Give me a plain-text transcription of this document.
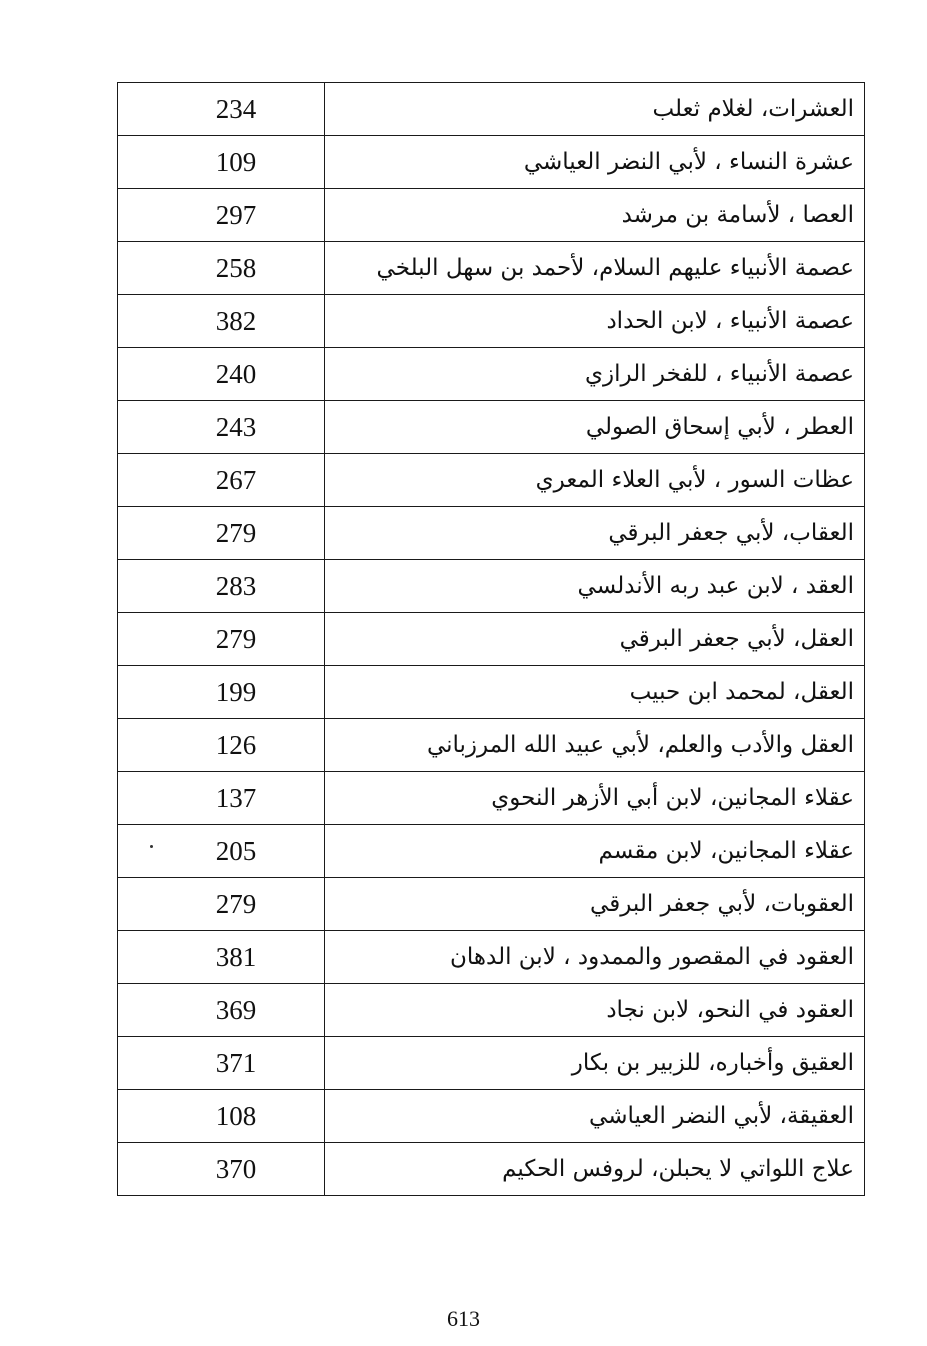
234	العشرات، لغلام ثعلب
109	عشرة النساء ، لأبي النضر العياشي
297	العصا ، لأسامة بن مرشد
258	عصمة الأنبياء عليهم السلام، لأحمد بن سهل البلخي
382	عصمة الأنبياء ، لابن الحداد
240	عصمة الأنبياء ، للفخر الرازي
243	العطر ، لأبي إسحاق الصولي
267	عظات السور ، لأبي العلاء المعري
279	العقاب، لأبي جعفر البرقي
283	العقد ، لابن عبد ربه الأندلسي
279	العقل، لأبي جعفر البرقي
199	العقل، لمحمد ابن حبيب
126	العقل والأدب والعلم، لأبي عبيد الله المرزباني
137	عقلاء المجانين، لابن أبي الأزهر النحوي
205	عقلاء المجانين، لابن مقسم
279	العقوبات، لأبي جعفر البرقي
381	العقود في المقصور والممدود ، لابن الدهان
369	العقود في النحو، لابن نجاد
371	العقيق وأخباره، للزبير بن بكار
108	العقيقة، لأبي النضر العياشي
370	علاج اللواتي لا يحبلن، لروفس الحكيم
613
